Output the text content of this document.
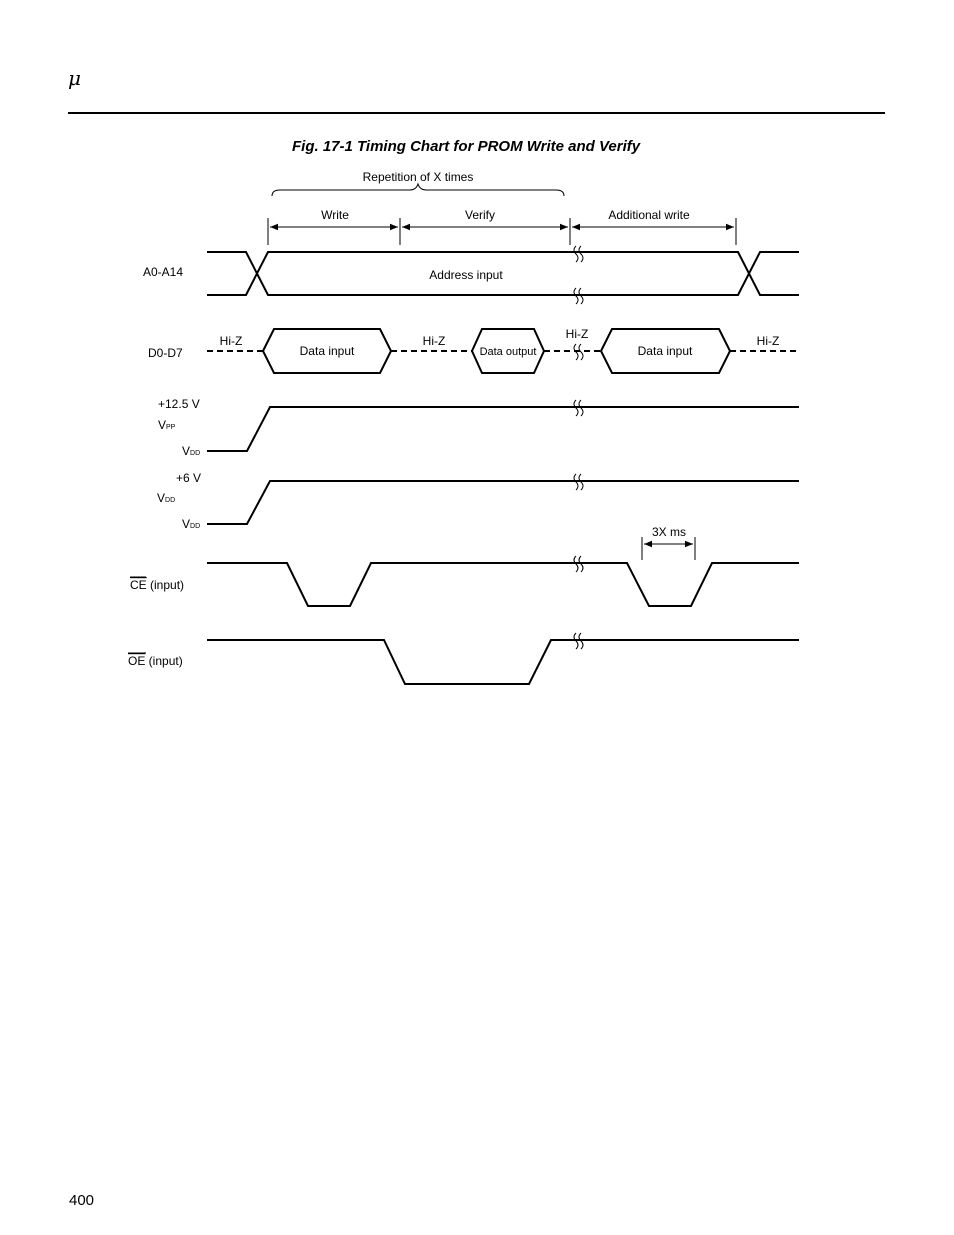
μ
Fig. 17-1 Timing Chart for PROM Write and Verify
Repetition of X times
Write	Verify	Additional write
A0-A14	Address input
D0-D7
Hi-Z	Hi-Z	Hi-Z	Hi-Z
Data input	Data output	Data input
+12.5 V
VPP
VDD
+6 V
VDD
VDD
CE (input)
3X ms
OE (input)
400
